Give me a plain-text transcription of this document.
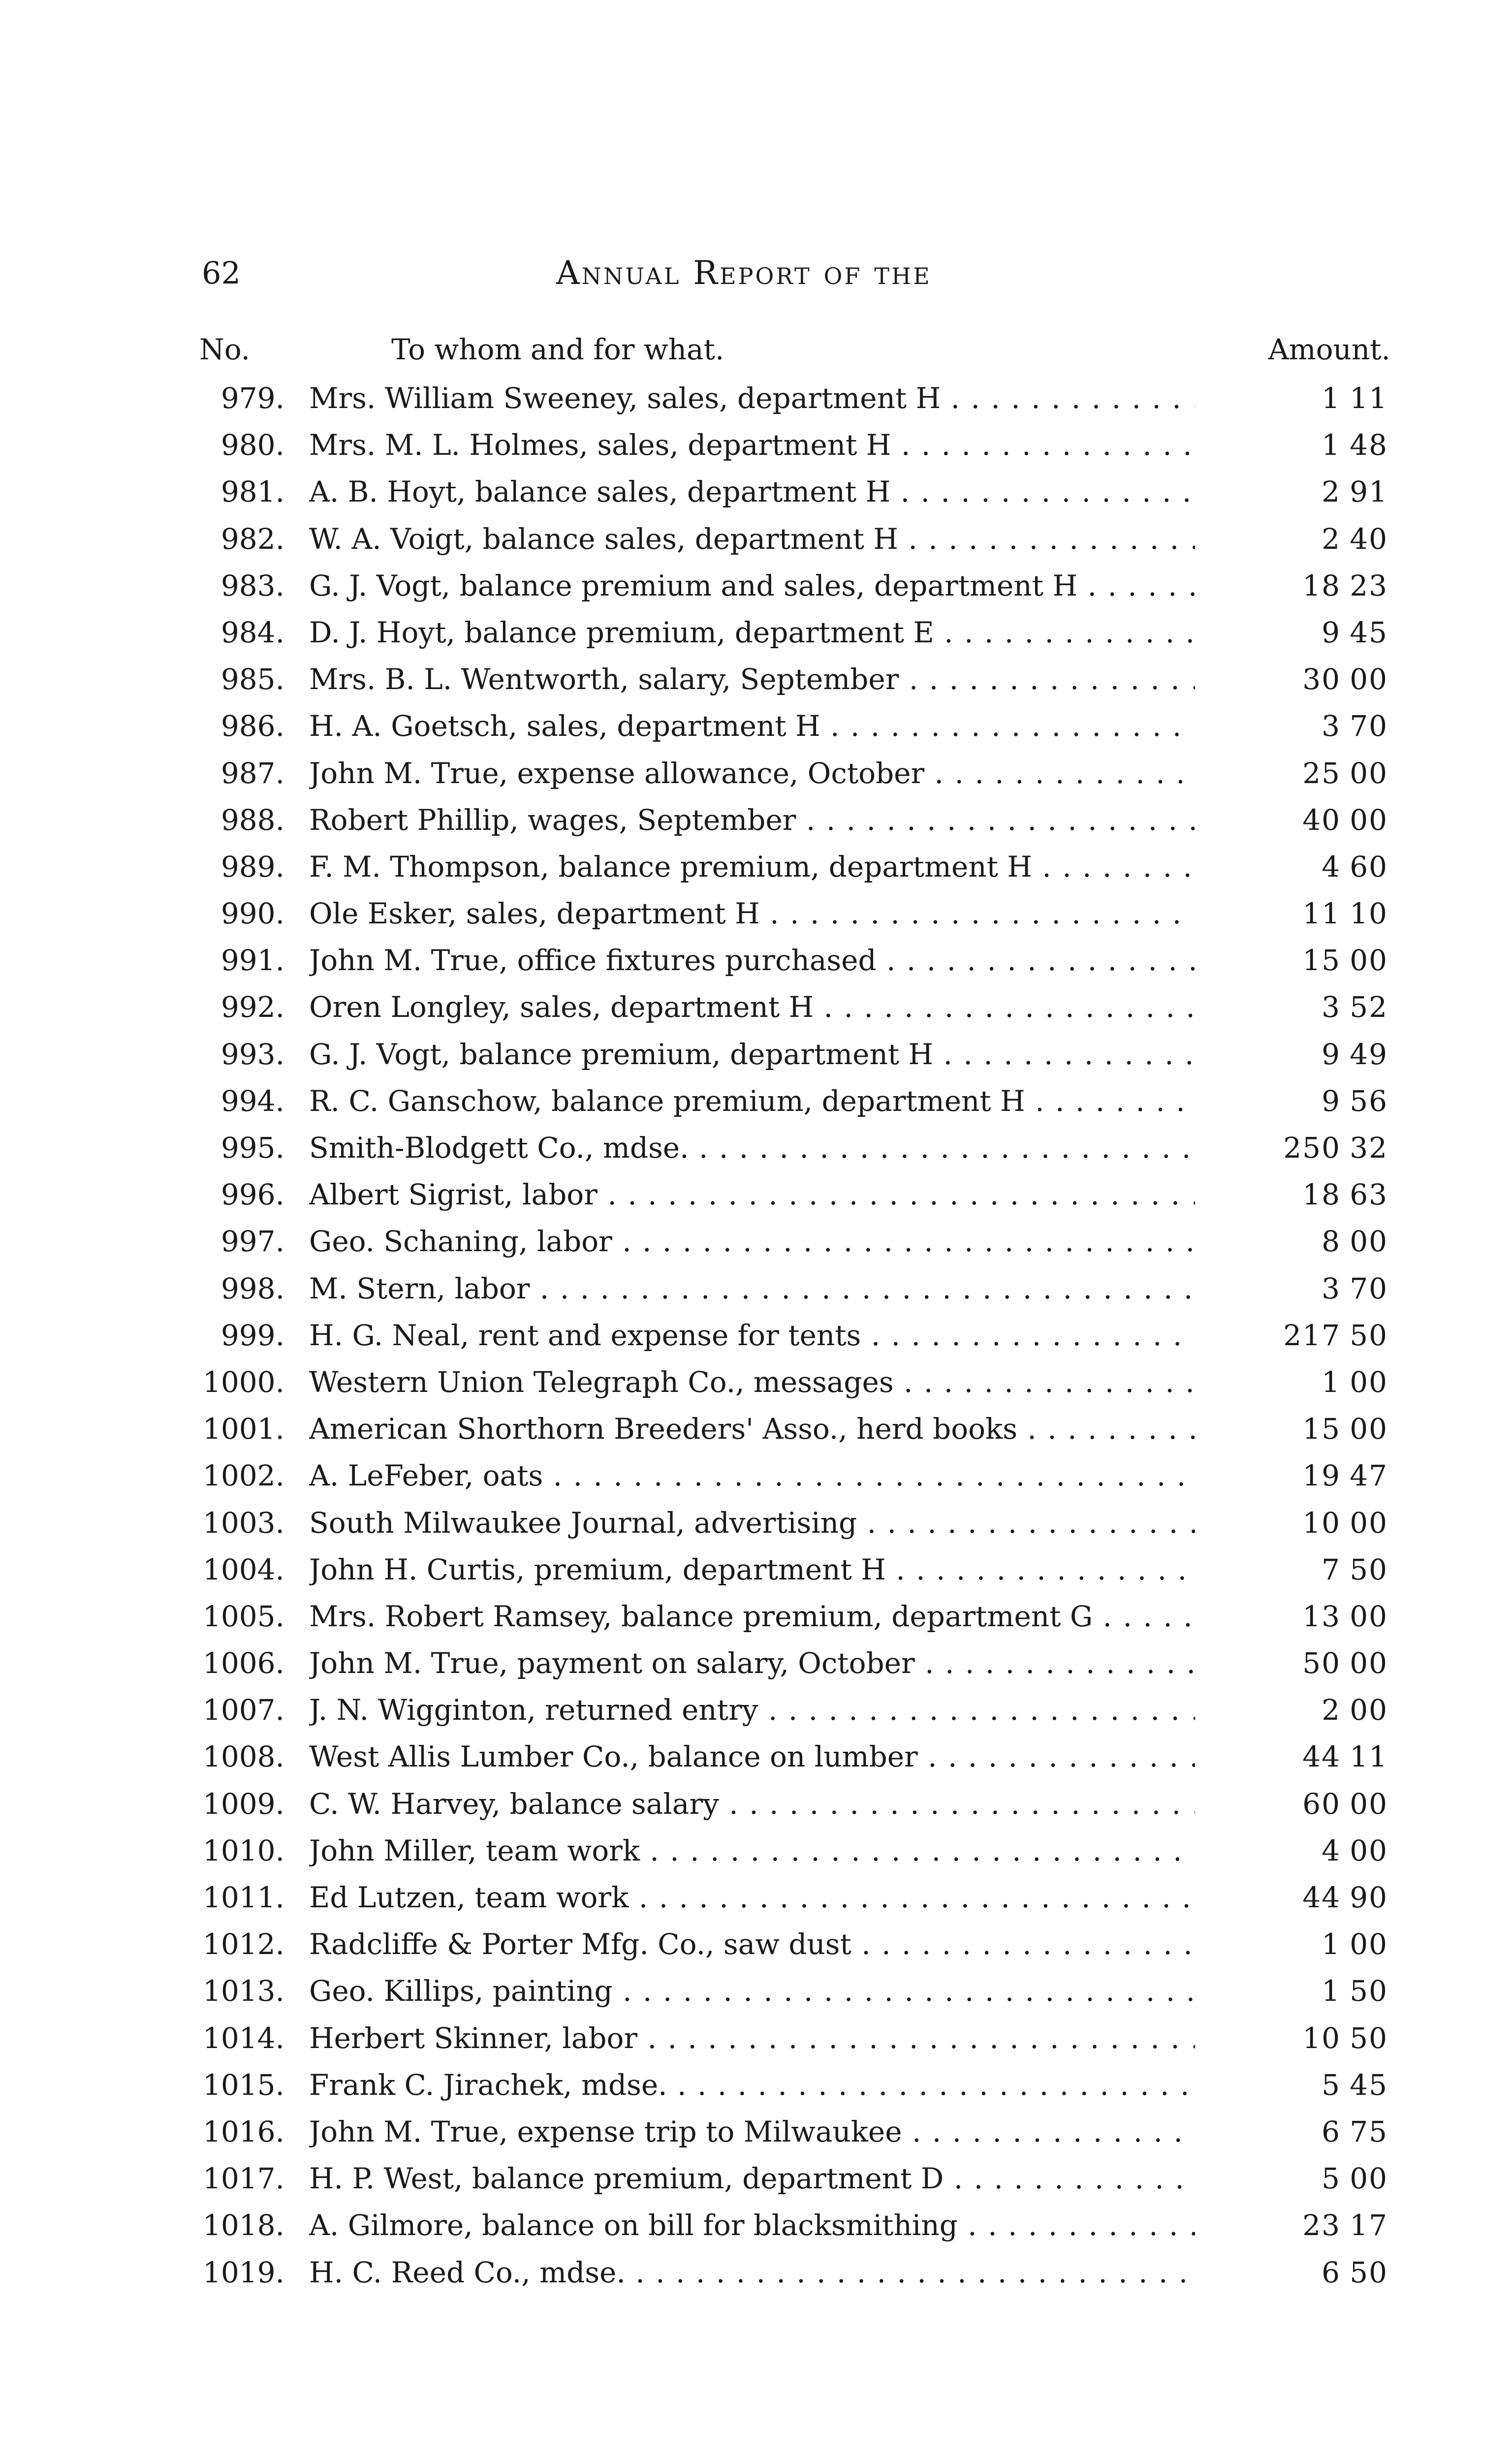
62	Annual Report of the
No.	To whom and for what.	Amount.
979. Mrs. William Sweeney, sales, department H . . .	1 11
980. Mrs. M. L. Holmes, sales, department H . . .	1 48
981. A. B. Hoyt, balance sales, department H . . .	2 91
982. W. A. Voigt, balance sales, department H . . .	2 40
983. G. J. Vogt, balance premium and sales, department H . . .	18 23
984. D. J. Hoyt, balance premium, department E . . .	9 45
985. Mrs. B. L. Wentworth, salary, September . . .	30 00
986. H. A. Goetsch, sales, department H . . .	3 70
987. John M. True, expense allowance, October . . .	25 00
988. Robert Phillip, wages, September . . .	40 00
989. F. M. Thompson, balance premium, department H . . .	4 60
990. Ole Esker, sales, department H . . .	11 10
991. John M. True, office fixtures purchased . . .	15 00
992. Oren Longley, sales, department H . . .	3 52
993. G. J. Vogt, balance premium, department H . . .	9 49
994. R. C. Ganschow, balance premium, department H . . .	9 56
995. Smith-Blodgett Co., mdse. . . .	250 32
996. Albert Sigrist, labor . . .	18 63
997. Geo. Schaning, labor . . .	8 00
998. M. Stern, labor . . .	3 70
999. H. G. Neal, rent and expense for tents . . .	217 50
1000. Western Union Telegraph Co., messages . . .	1 00
1001. American Shorthorn Breeders' Asso., herd books . . .	15 00
1002. A. LeFeber, oats . . .	19 47
1003. South Milwaukee Journal, advertising . . .	10 00
1004. John H. Curtis, premium, department H . . .	7 50
1005. Mrs. Robert Ramsey, balance premium, department G . . .	13 00
1006. John M. True, payment on salary, October . . .	50 00
1007. J. N. Wigginton, returned entry . . .	2 00
1008. West Allis Lumber Co., balance on lumber . . .	44 11
1009. C. W. Harvey, balance salary . . .	60 00
1010. John Miller, team work . . .	4 00
1011. Ed Lutzen, team work . . .	44 90
1012. Radcliffe & Porter Mfg. Co., saw dust . . .	1 00
1013. Geo. Killips, painting . . .	1 50
1014. Herbert Skinner, labor . . .	10 50
1015. Frank C. Jirachek, mdse. . . .	5 45
1016. John M. True, expense trip to Milwaukee . . .	6 75
1017. H. P. West, balance premium, department D . . .	5 00
1018. A. Gilmore, balance on bill for blacksmithing . . .	23 17
1019. H. C. Reed Co., mdse. . . .	6 50
